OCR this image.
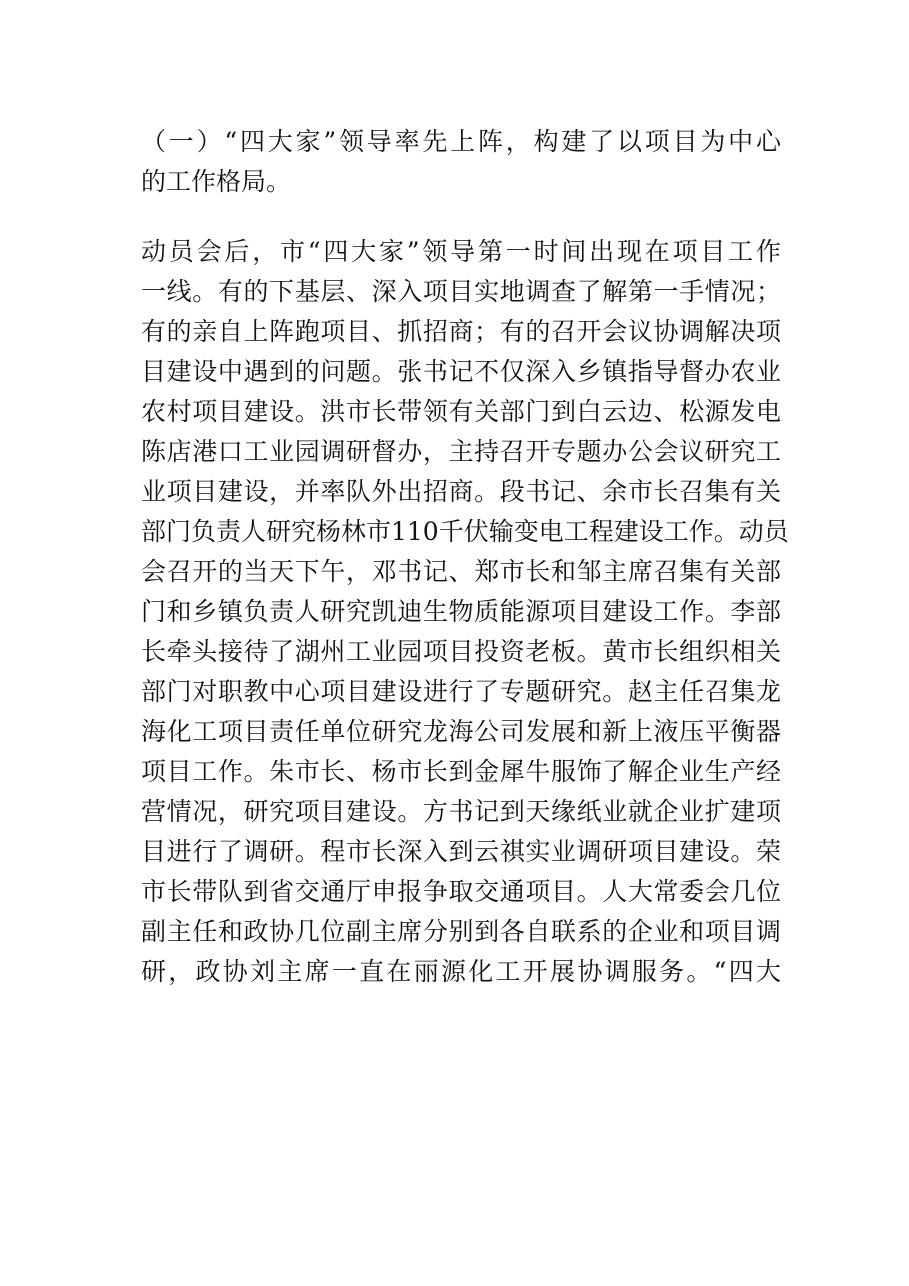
（一）“四大家”领导率先上阵，构建了以项目为中心
的工作格局。
动员会后，市“四大家”领导第一时间出现在项目工作
一线。有的下基层、深入项目实地调查了解第一手情况；
有的亲自上阵跑项目、抓招商；有的召开会议协调解决项
目建设中遇到的问题。张书记不仅深入乡镇指导督办农业
农村项目建设。洪市长带领有关部门到白云边、松源发电
陈店港口工业园调研督办，主持召开专题办公会议研究工
业项目建设，并率队外出招商。段书记、余市长召集有关
部门负责人研究杨林市110千伏输变电工程建设工作。动员
会召开的当天下午，邓书记、郑市长和邹主席召集有关部
门和乡镇负责人研究凯迪生物质能源项目建设工作。李部
长牵头接待了湖州工业园项目投资老板。黄市长组织相关
部门对职教中心项目建设进行了专题研究。赵主任召集龙
海化工项目责任单位研究龙海公司发展和新上液压平衡器
项目工作。朱市长、杨市长到金犀牛服饰了解企业生产经
营情况，研究项目建设。方书记到天缘纸业就企业扩建项
目进行了调研。程市长深入到云祺实业调研项目建设。荣
市长带队到省交通厅申报争取交通项目。人大常委会几位
副主任和政协几位副主席分别到各自联系的企业和项目调
研，政协刘主席一直在丽源化工开展协调服务。“四大
